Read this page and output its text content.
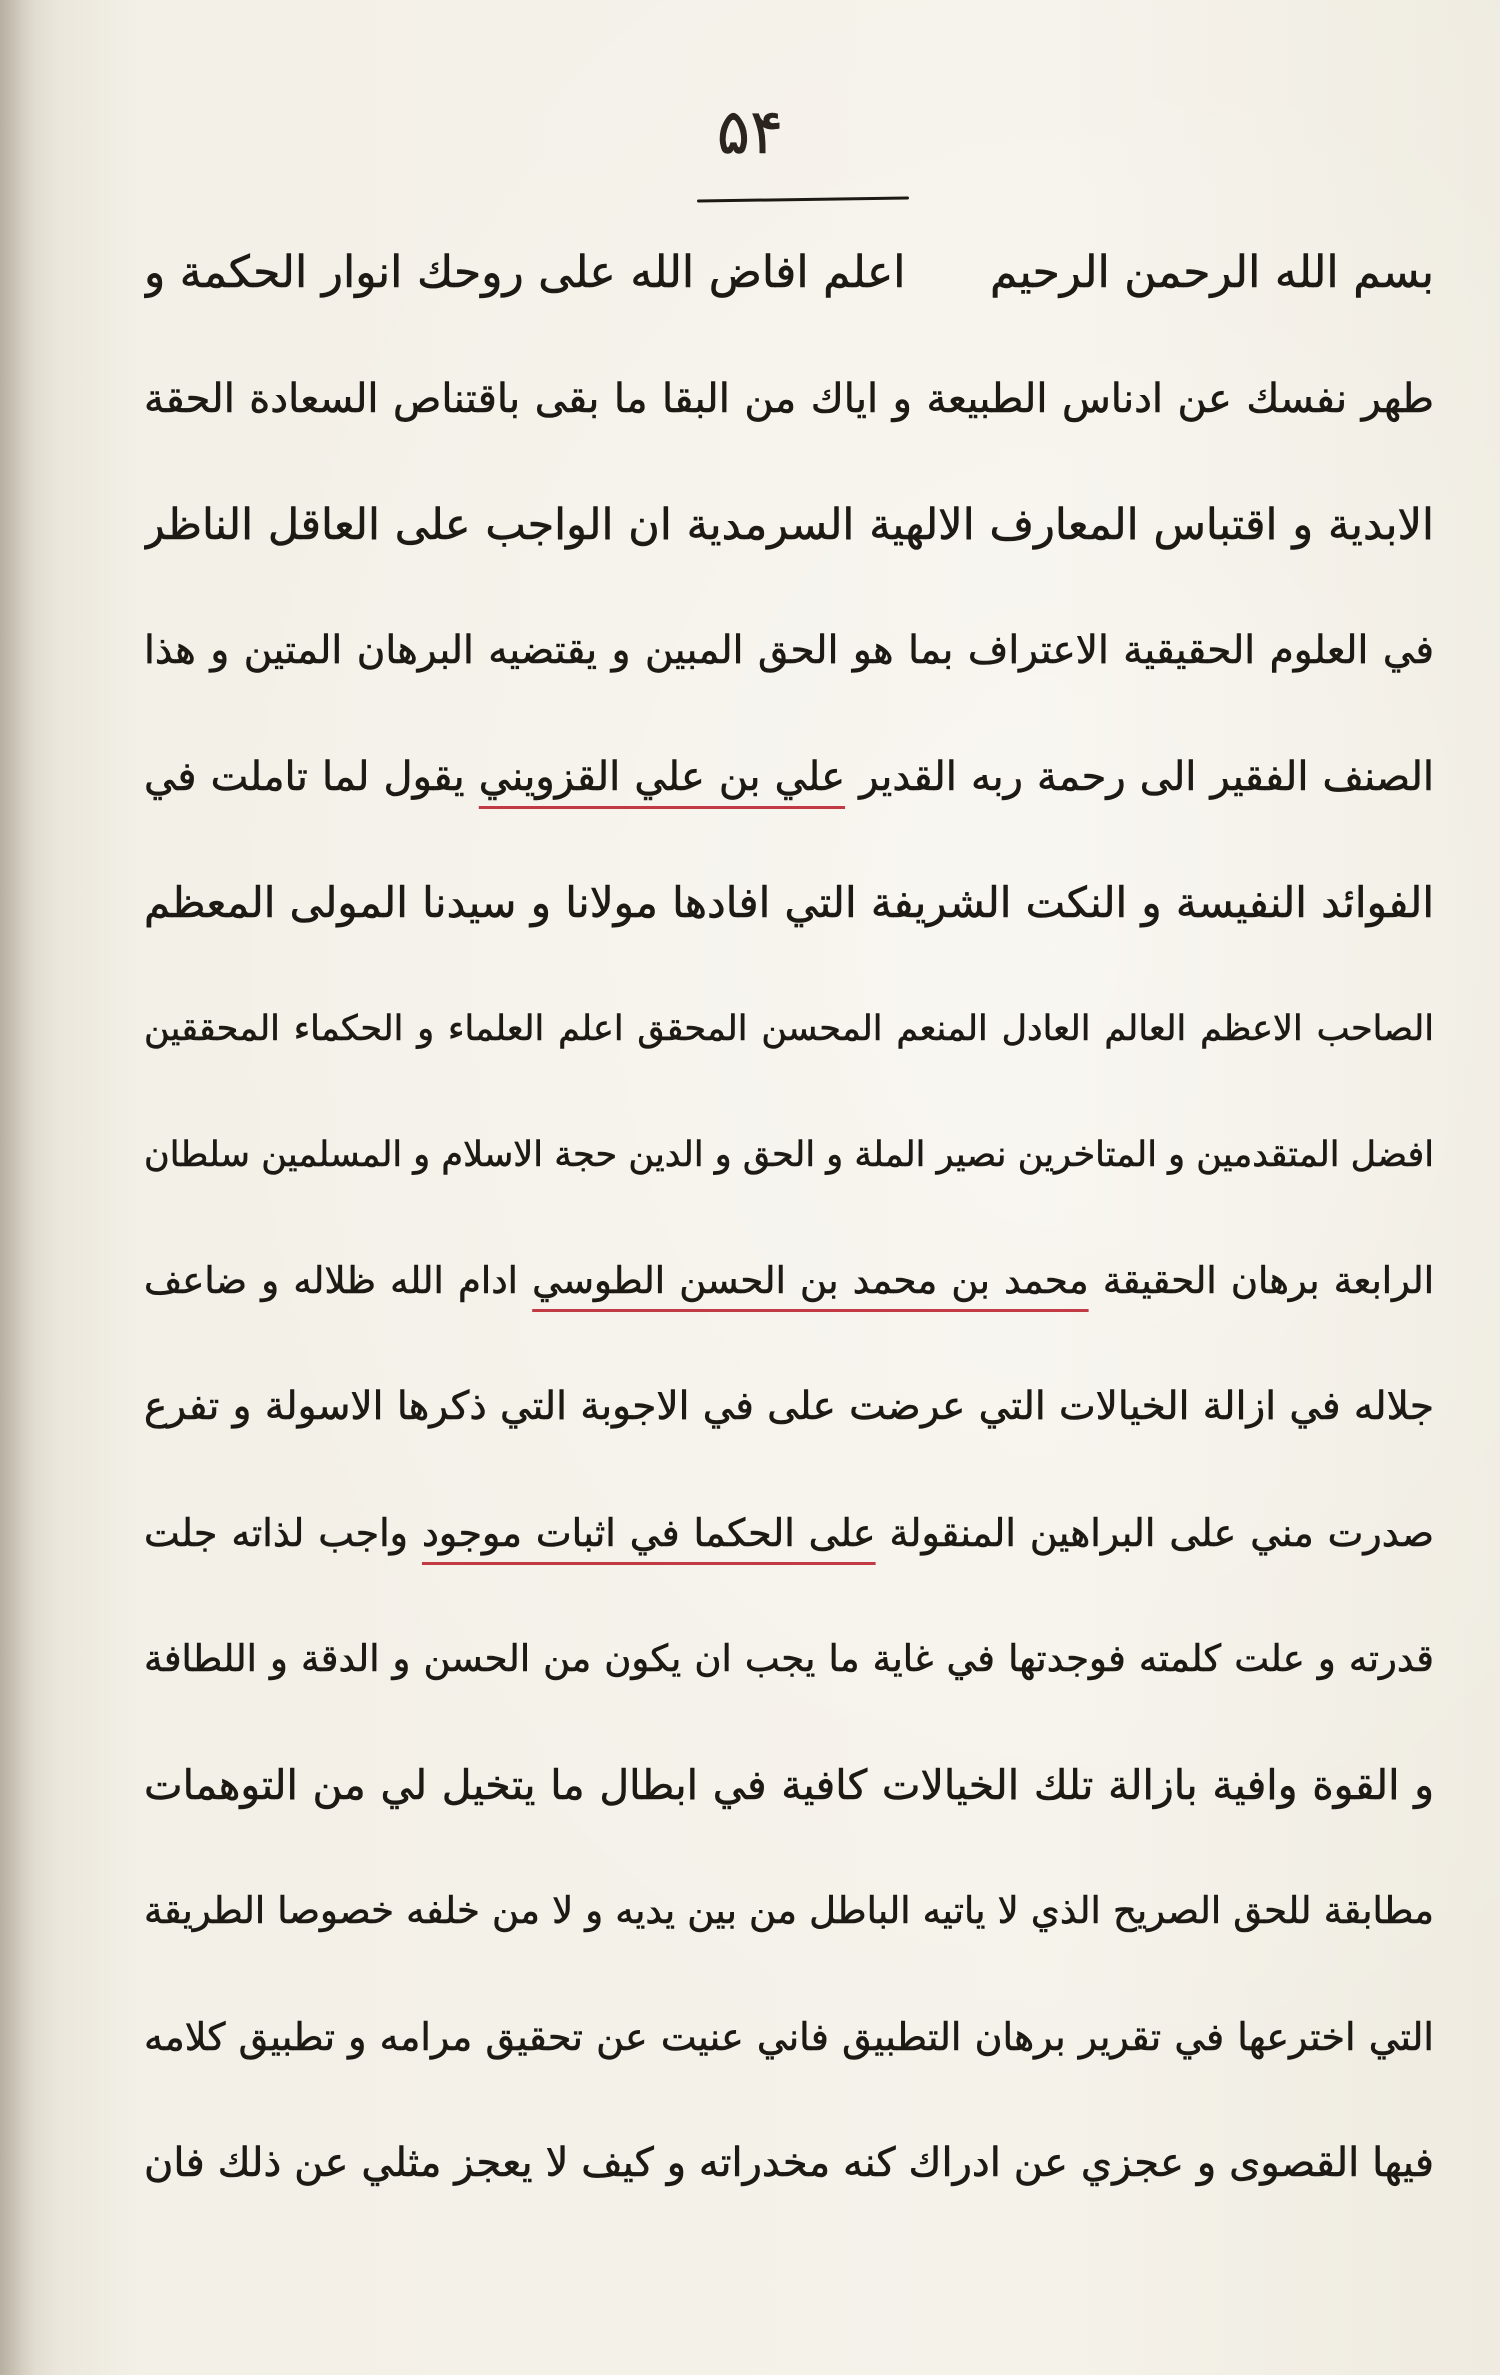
۵۴
بسم الله الرحمن الرحيم اعلم افاض الله على روحك انوار الحكمة و
طهر نفسك عن ادناس الطبيعة و اياك من البقا ما بقى باقتناص السعادة الحقة
الابدية و اقتباس المعارف الالهية السرمدية ان الواجب على العاقل الناظر
في العلوم الحقيقية الاعتراف بما هو الحق المبين و يقتضيه البرهان المتين و هذا
الصنف الفقير الى رحمة ربه القدير علي بن علي القزويني يقول لما تاملت في
الفوائد النفيسة و النكت الشريفة التي افادها مولانا و سيدنا المولى المعظم
الصاحب الاعظم العالم العادل المنعم المحسن المحقق اعلم العلماء و الحكماء المحققين
افضل المتقدمين و المتاخرين نصير الملة و الحق و الدين حجة الاسلام و المسلمين سلطان
الرابعة برهان الحقيقة محمد بن محمد بن الحسن الطوسي ادام الله ظلاله و ضاعف
جلاله في ازالة الخيالات التي عرضت على في الاجوبة التي ذكرها الاسولة و تفرع
صدرت مني على البراهين المنقولة على الحكما في اثبات موجود واجب لذاته جلت
قدرته و علت كلمته فوجدتها في غاية ما يجب ان يكون من الحسن و الدقة و اللطافة
و القوة وافية بازالة تلك الخيالات كافية في ابطال ما يتخيل لي من التوهمات
مطابقة للحق الصريح الذي لا ياتيه الباطل من بين يديه و لا من خلفه خصوصا الطريقة
التي اخترعها في تقرير برهان التطبيق فاني عنيت عن تحقيق مرامه و تطبيق كلامه
فيها القصوى و عجزي عن ادراك كنه مخدراته و كيف لا يعجز مثلي عن ذلك فان
